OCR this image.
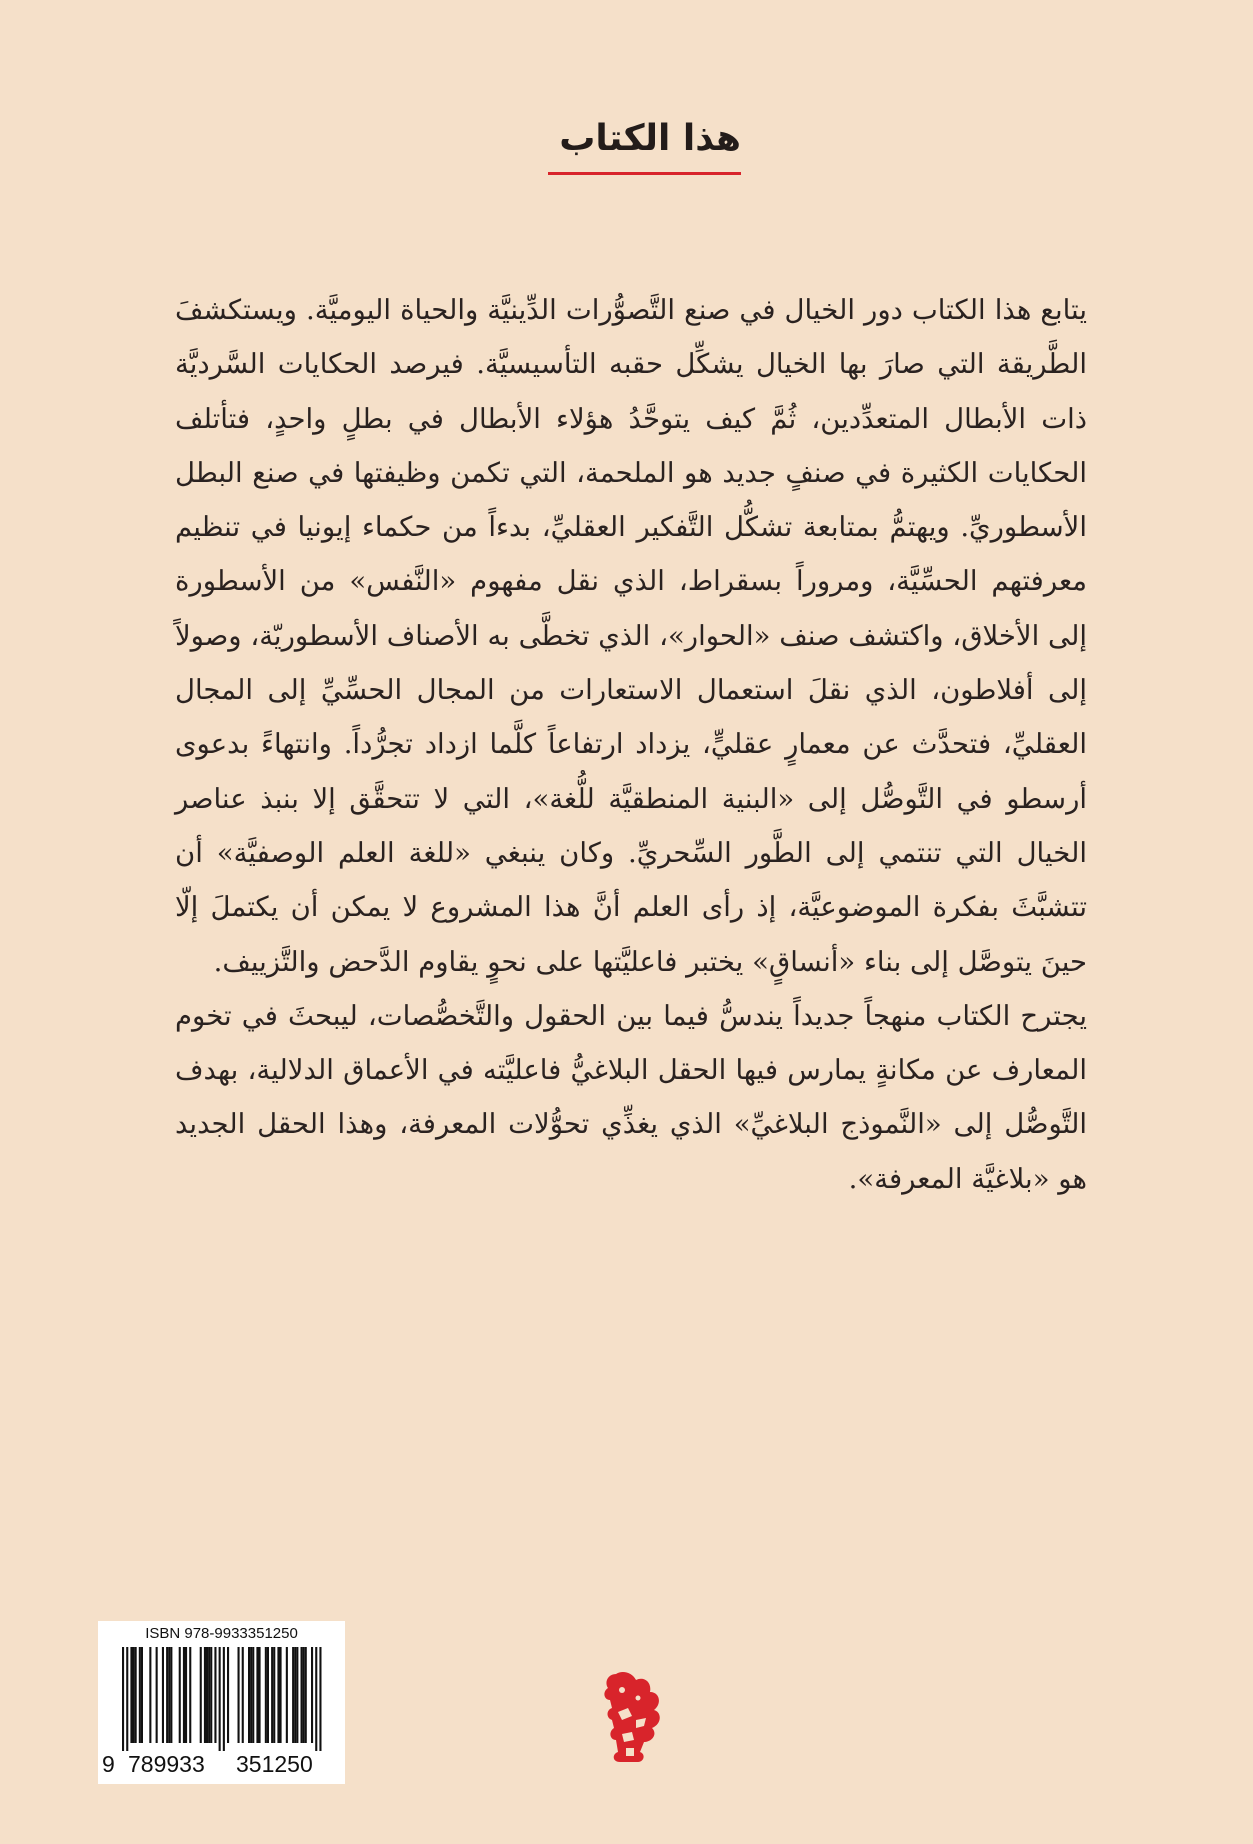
هذا الكتاب

يتابع هذا الكتاب دور الخيال في صنع التَّصوُّرات الدِّينيَّة والحياة اليوميَّة. ويستكشفَ الطَّريقة التي صارَ بها الخيال يشكِّل حقبه التأسيسيَّة. فيرصد الحكايات السَّرديَّة ذات الأبطال المتعدِّدين، ثُمَّ كيف يتوحَّدُ هؤلاء الأبطال في بطلٍ واحدٍ، فتأتلف الحكايات الكثيرة في صنفٍ جديد هو الملحمة، التي تكمن وظيفتها في صنع البطل الأسطوريِّ. ويهتمُّ بمتابعة تشكُّل التَّفكير العقليِّ، بدءاً من حكماء إيونيا في تنظيم معرفتهم الحسِّيَّة، ومروراً بسقراط، الذي نقل مفهوم «النَّفس» من الأسطورة إلى الأخلاق، واكتشف صنف «الحوار»، الذي تخطَّى به الأصناف الأسطوريّة، وصولاً إلى أفلاطون، الذي نقلَ استعمال الاستعارات من المجال الحسِّيِّ إلى المجال العقليِّ، فتحدَّث عن معمارٍ عقليٍّ، يزداد ارتفاعاً كلَّما ازداد تجرُّداً. وانتهاءً بدعوى أرسطو في التَّوصُّل إلى «البنية المنطقيَّة للُّغة»، التي لا تتحقَّق إلا بنبذ عناصر الخيال التي تنتمي إلى الطَّور السِّحريِّ. وكان ينبغي «للغة العلم الوصفيَّة» أن تتشبَّثَ بفكرة الموضوعيَّة، إذ رأى العلم أنَّ هذا المشروع لا يمكن أن يكتملَ إلّا حينَ يتوصَّل إلى بناء «أنساقٍ» يختبر فاعليَّتها على نحوٍ يقاوم الدَّحض والتَّزييف.

يجترح الكتاب منهجاً جديداً يندسُّ فيما بين الحقول والتَّخصُّصات، ليبحثَ في تخوم المعارف عن مكانةٍ يمارس فيها الحقل البلاغيُّ فاعليَّته في الأعماق الدلالية، بهدف التَّوصُّل إلى «النَّموذج البلاغيِّ» الذي يغذِّي تحوُّلات المعرفة، وهذا الحقل الجديد هو «بلاغيَّة المعرفة».

ISBN 978-9933351250
9 789933 351250
